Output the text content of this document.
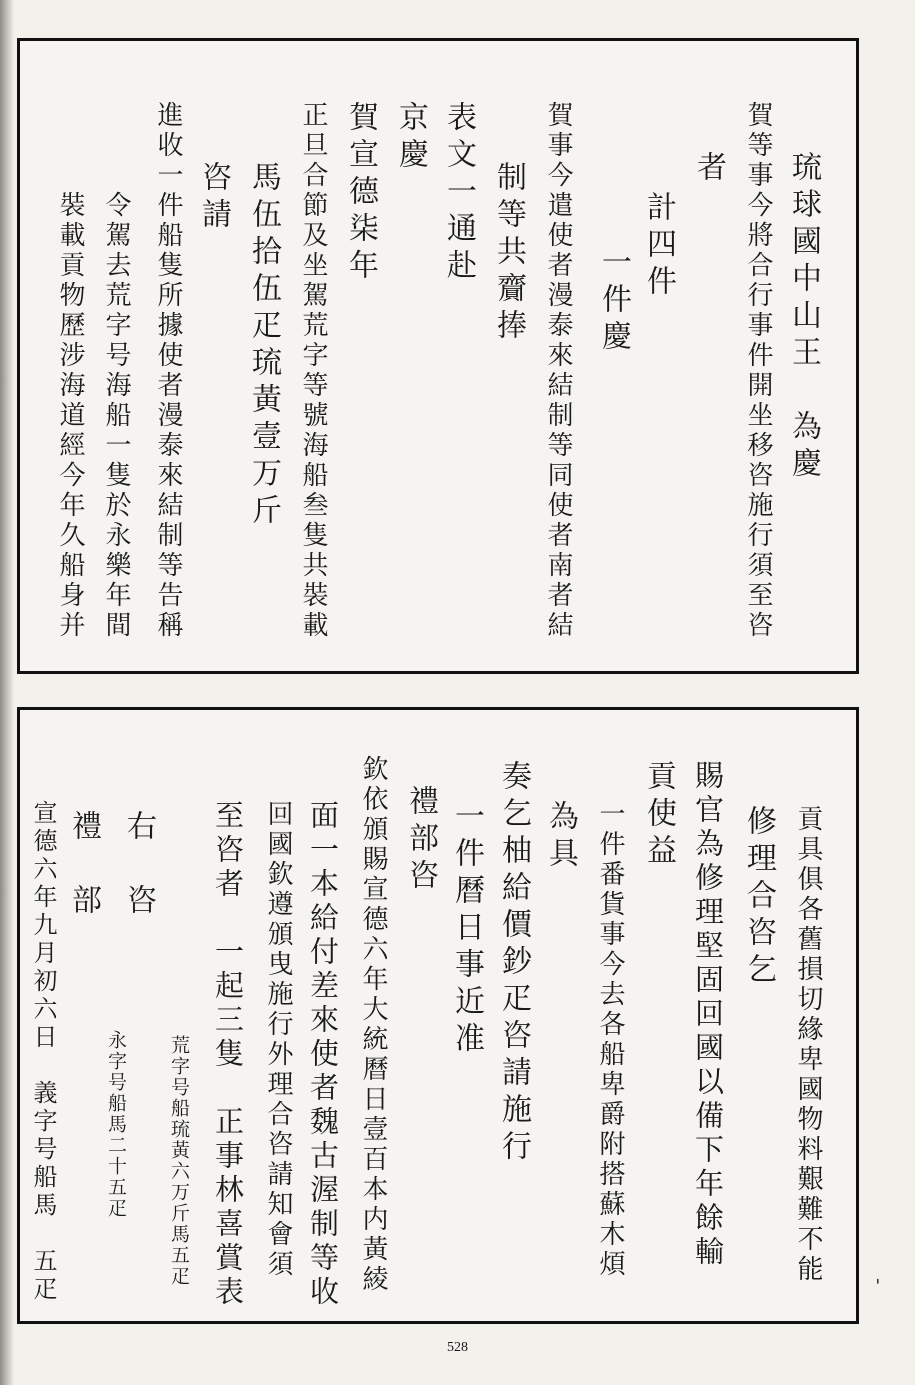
琉球國中山王　為慶
賀等事今將合行事件開坐移咨施行須至咨
者
計四件
一件慶
賀事今遣使者漫泰來結制等同使者南者結
制等共齎捧
表文一通赴
京慶
賀宣德柒年
正旦合節及坐駕荒字等號海船叁隻共裝載
馬伍拾伍疋琉黃壹万斤
咨請
進收一件船隻所據使者漫泰來結制等告稱
令駕去荒字号海船一隻於永樂年間
裝載貢物歷涉海道經今年久船身并
貢具俱各舊損切緣卑國物料艱難不能
修理合咨乞
賜官為修理堅固回國以備下年餘輸
貢使益
一件番貨事今去各船卑爵附搭蘇木煩
為具
奏乞柚給價鈔疋咨請施行
一件曆日事近准
禮部咨
欽依頒賜宣德六年大統曆日壹百本内黃綾
面一本給付差來使者魏古渥制等收
回國欽遵頒曳施行外理合咨請知會須
至咨者　一起三隻　正事林喜賞表
荒字号船琉黃六万斤馬五疋
右　咨
永字号船馬二十五疋
禮　部
宣德六年九月初六日　義字号船馬　五疋	ˌ
528
